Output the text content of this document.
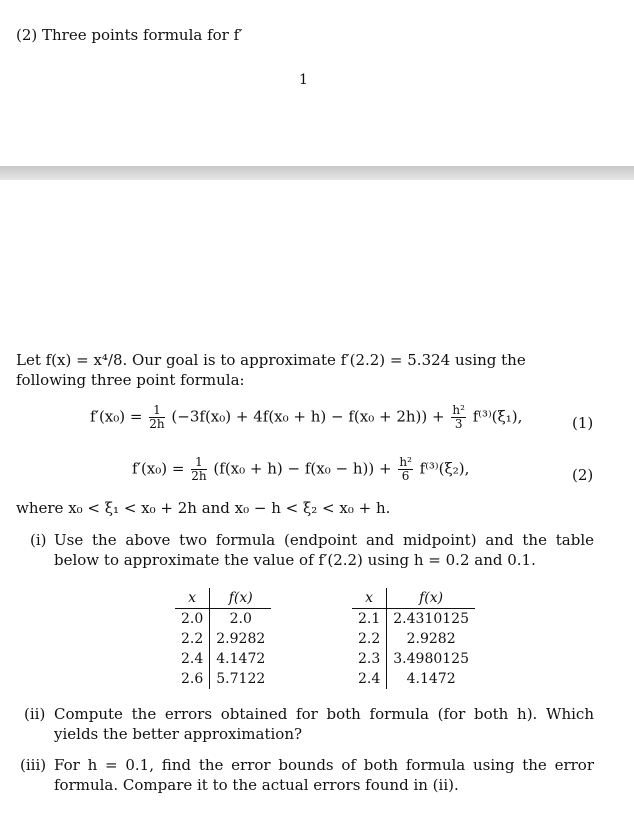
(2) Three points formula for f′
1
Let f(x) = x⁴/8. Our goal is to approximate f′(2.2) = 5.324 using the following three point formula:
$f'(x_0) = \frac{1}{2h} (-3f(x_0) + 4f(x_0 + h) - f(x_0 + 2h)) + \frac{\text{h²}}{3} f^{(3)}(\xi_1)$,	(1)
$f'(x_0) = \frac{1}{2h} (f(x_0 + h) - f(x_0 - h)) + \frac{\text{h²}}{6} f^{(3)}(\xi_2)$,	(2)
where x₀ < ξ₁ < x₀ + 2h and x₀ − h < ξ₂ < x₀ + h.
(i) Use the above two formula (endpoint and midpoint) and the table below to approximate the value of f′(2.2) using h = 0.2 and 0.1.
x	f(x)
2.0	2.0
2.2	2.9282
2.4	4.1472
2.6	5.7122
x	f(x)
2.1	2.4310125
2.2	2.9282
2.3	3.4980125
2.4	4.1472
(ii) Compute the errors obtained for both formula (for both h). Which yields the better approximation?
(iii) For h = 0.1, find the error bounds of both formula using the error formula. Compare it to the actual errors found in (ii).
